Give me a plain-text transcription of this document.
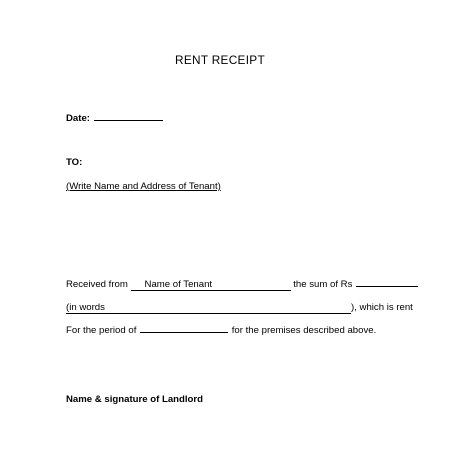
RENT RECEIPT
Date:
TO:
(Write Name and Address of Tenant)
Received from Name of Tenant	the sum of Rs
(in words	), which is rent
For the period of	for the premises described above.
Name & signature of Landlord
